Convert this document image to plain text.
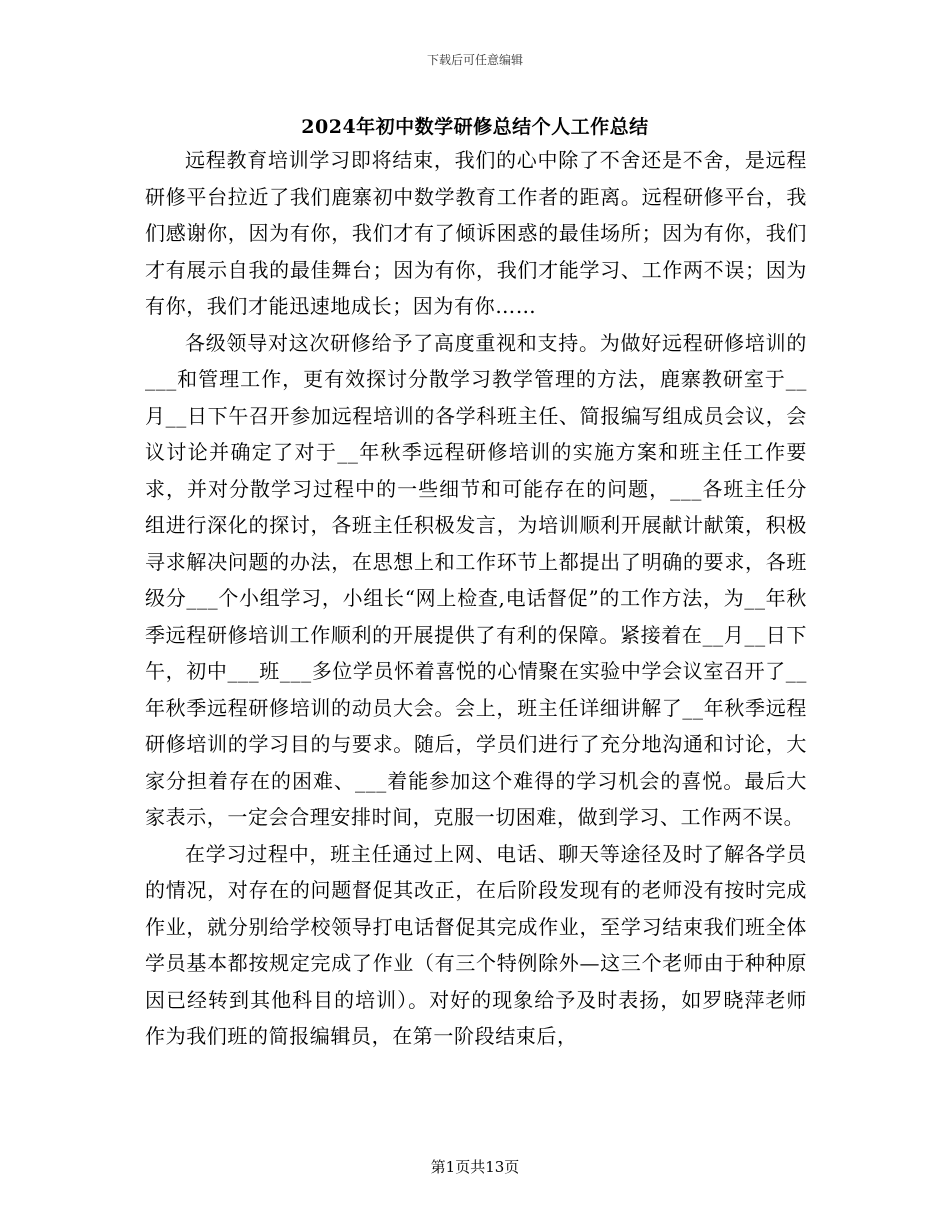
下载后可任意编辑
2024年初中数学研修总结个人工作总结

远程教育培训学习即将结束，我们的心中除了不舍还是不舍，是远程研修平台拉近了我们鹿寨初中数学教育工作者的距离。远程研修平台，我们感谢你，因为有你，我们才有了倾诉困惑的最佳场所；因为有你，我们才有展示自我的最佳舞台；因为有你，我们才能学习、工作两不误；因为有你，我们才能迅速地成长；因为有你……

各级领导对这次研修给予了高度重视和支持。为做好远程研修培训的___和管理工作，更有效探讨分散学习教学管理的方法，鹿寨教研室于__月__日下午召开参加远程培训的各学科班主任、简报编写组成员会议，会议讨论并确定了对于__年秋季远程研修培训的实施方案和班主任工作要求，并对分散学习过程中的一些细节和可能存在的问题，___各班主任分组进行深化的探讨，各班主任积极发言，为培训顺利开展献计献策，积极寻求解决问题的办法，在思想上和工作环节上都提出了明确的要求，各班级分___个小组学习，小组长“网上检查,电话督促”的工作方法，为__年秋季远程研修培训工作顺利的开展提供了有利的保障。紧接着在__月__日下午，初中___班___多位学员怀着喜悦的心情聚在实验中学会议室召开了__年秋季远程研修培训的动员大会。会上，班主任详细讲解了__年秋季远程研修培训的学习目的与要求。随后，学员们进行了充分地沟通和讨论，大家分担着存在的困难、___着能参加这个难得的学习机会的喜悦。最后大家表示，一定会合理安排时间，克服一切困难，做到学习、工作两不误。

在学习过程中，班主任通过上网、电话、聊天等途径及时了解各学员的情况，对存在的问题督促其改正，在后阶段发现有的老师没有按时完成作业，就分别给学校领导打电话督促其完成作业，至学习结束我们班全体学员基本都按规定完成了作业（有三个特例除外—这三个老师由于种种原因已经转到其他科目的培训）。对好的现象给予及时表扬，如罗晓萍老师作为我们班的简报编辑员，在第一阶段结束后，

第1页共13页
